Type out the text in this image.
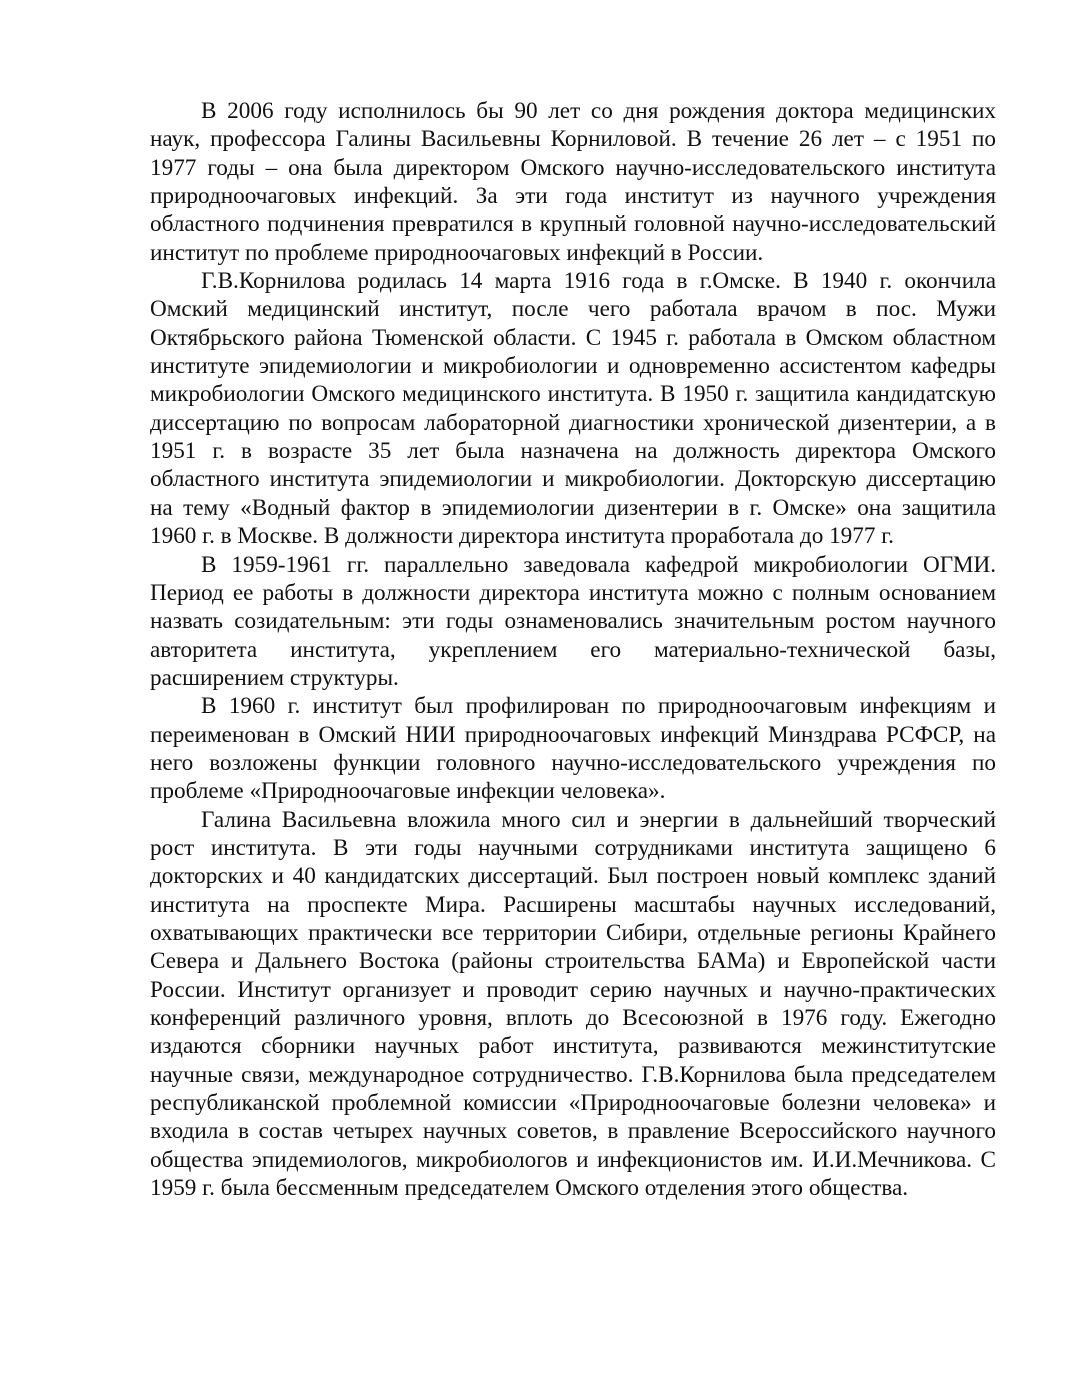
В 2006 году исполнилось бы 90 лет со дня рождения доктора медицинских наук, профессора Галины Васильевны Корниловой. В течение 26 лет – с 1951 по 1977 годы – она была директором Омского научно-исследовательского института природноочаговых инфекций. За эти года институт из научного учреждения областного подчинения превратился в крупный головной научно-исследовательский институт по проблеме природноочаговых инфекций в России.

Г.В.Корнилова родилась 14 марта 1916 года в г.Омске. В 1940 г. окончила Омский медицинский институт, после чего работала врачом в пос. Мужи Октябрьского района Тюменской области. С 1945 г. работала в Омском областном институте эпидемиологии и микробиологии и одновременно ассистентом кафедры микробиологии Омского медицинского института. В 1950 г. защитила кандидатскую диссертацию по вопросам лабораторной диагностики хронической дизентерии, а в 1951 г. в возрасте 35 лет была назначена на должность директора Омского областного института эпидемиологии и микробиологии. Докторскую диссертацию на тему «Водный фактор в эпидемиологии дизентерии в г. Омске» она защитила 1960 г. в Москве. В должности директора института проработала до 1977 г.

В 1959-1961 гг. параллельно заведовала кафедрой микробиологии ОГМИ. Период ее работы в должности директора института можно с полным основанием назвать созидательным: эти годы ознаменовались значительным ростом научного авторитета института, укреплением его материально-технической базы, расширением структуры.

В 1960 г. институт был профилирован по природноочаговым инфекциям и переименован в Омский НИИ природноочаговых инфекций Минздрава РСФСР, на него возложены функции головного научно-исследовательского учреждения по проблеме «Природноочаговые инфекции человека».

Галина Васильевна вложила много сил и энергии в дальнейший творческий рост института. В эти годы научными сотрудниками института защищено 6 докторских и 40 кандидатских диссертаций. Был построен новый комплекс зданий института на проспекте Мира. Расширены масштабы научных исследований, охватывающих практически все территории Сибири, отдельные регионы Крайнего Севера и Дальнего Востока (районы строительства БАМа) и Европейской части России. Институт организует и проводит серию научных и научно-практических конференций различного уровня, вплоть до Всесоюзной в 1976 году. Ежегодно издаются сборники научных работ института, развиваются межинститутские научные связи, международное сотрудничество. Г.В.Корнилова была председателем республиканской проблемной комиссии «Природноочаговые болезни человека» и входила в состав четырех научных советов, в правление Всероссийского научного общества эпидемиологов, микробиологов и инфекционистов им. И.И.Мечникова. С 1959 г. была бессменным председателем Омского отделения этого общества.
